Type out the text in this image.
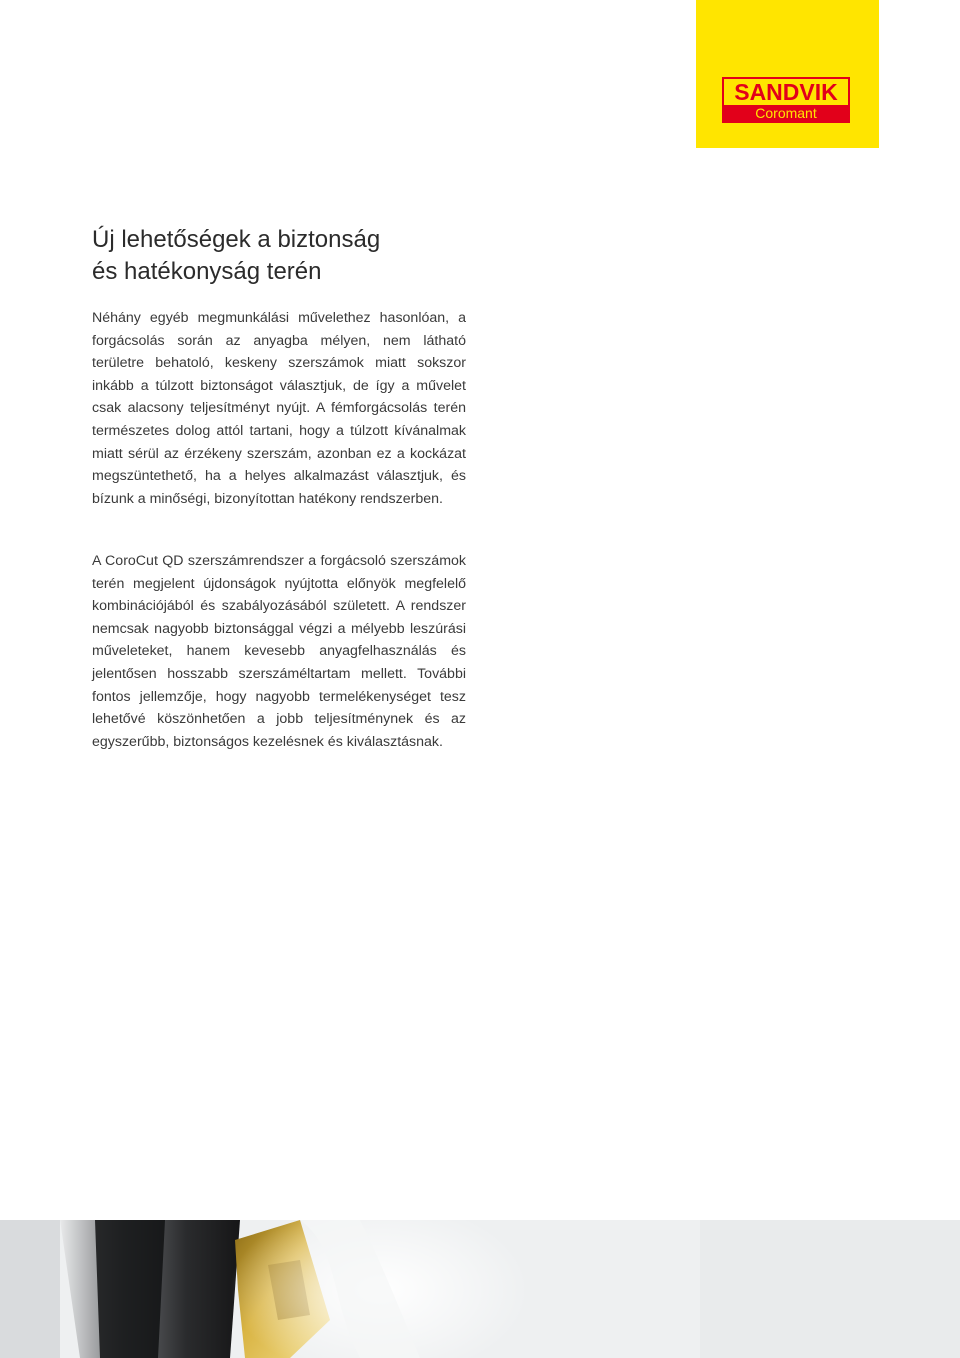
SANDVIK
Coromant
Új lehetőségek a biztonság
és hatékonyság terén

Néhány egyéb megmunkálási művelethez hasonlóan, a forgácsolás során az anyagba mélyen, nem látható területre behatoló, keskeny szerszámok miatt sokszor inkább a túlzott biztonságot választjuk, de így a művelet csak alacsony teljesítményt nyújt. A fémforgácsolás terén természetes dolog attól tartani, hogy a túlzott kívánalmak miatt sérül az érzékeny szerszám, azonban ez a kockázat megszüntethető, ha a helyes alkalmazást választjuk, és bízunk a minőségi, bizonyítottan hatékony rendszerben.

A CoroCut QD szerszámrendszer a forgácsoló szerszámok terén megjelent újdonságok nyújtotta előnyök megfelelő kombinációjából és szabályozásából született. A rendszer nemcsak nagyobb biztonsággal végzi a mélyebb leszúrási műveleteket, hanem kevesebb anyagfelhasználás és jelentősen hosszabb szerszáméltartam mellett. További fontos jellemzője, hogy nagyobb termelékenységet tesz lehetővé köszönhetően a jobb teljesítménynek és az egyszerűbb, biztonságos kezelésnek és kiválasztásnak.
